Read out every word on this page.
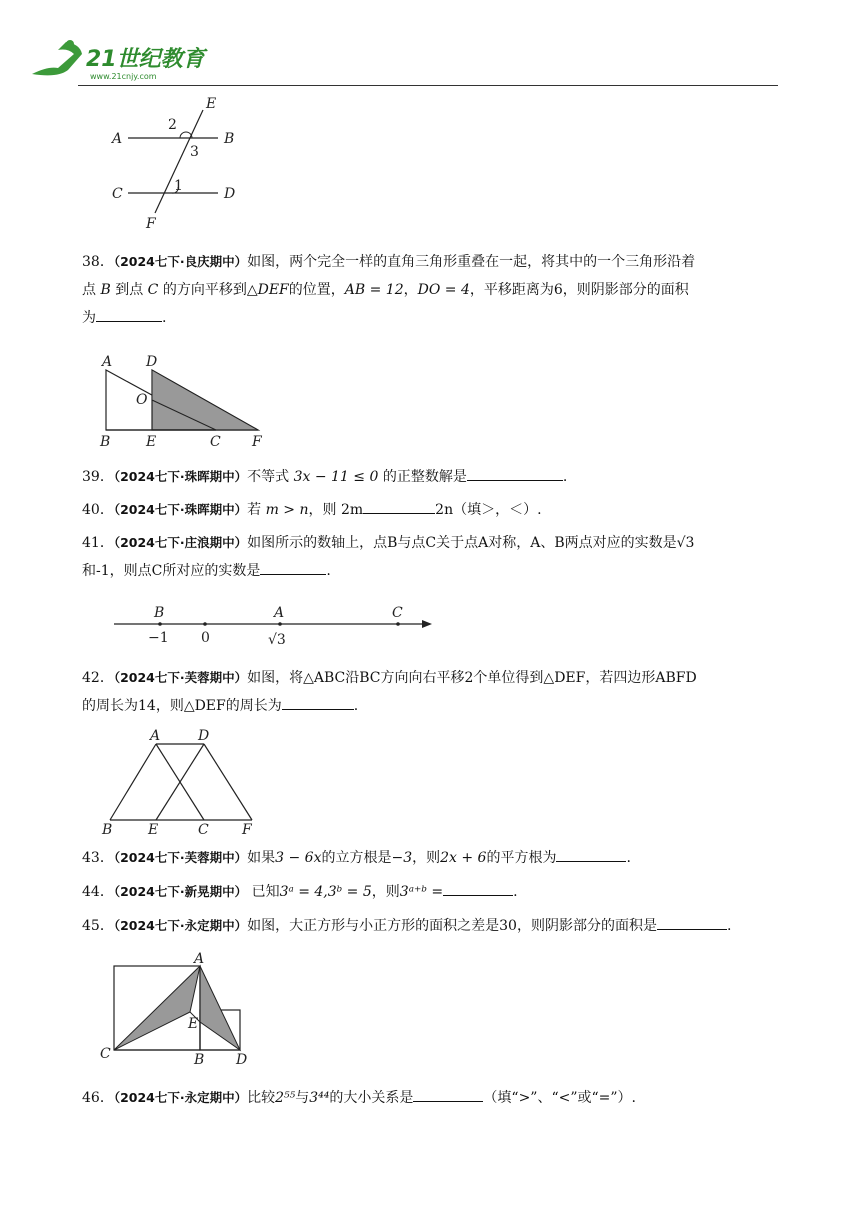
21世纪教育
www.21cnjy.com
E
A
2
B
3
C	1	D
F
38．（2024七下·良庆期中）如图，两个完全一样的直角三角形重叠在一起，将其中的一个三角形沿着
点 B 到点 C 的方向平移到△DEF的位置，AB = 12，DO = 4，平移距离为6，则阴影部分的面积
为	.
A D
O
B	E	C F
39．（2024七下·珠晖期中）不等式 3x − 11 ≤ 0 的正整数解是	.
40．（2024七下·珠晖期中）若 m > n，则 2m	2n（填＞，＜）.
41．（2024七下·庄浪期中）如图所示的数轴上，点B与点C关于点A对称，A、B两点对应的实数是√3
和-1，则点C所对应的实数是	.
B	A	C
−1 0	√3
42．（2024七下·芙蓉期中）如图，将△ABC沿BC方向向右平移2个单位得到△DEF，若四边形ABFD
的周长为14，则△DEF的周长为	.
A	D
B	E	C F
43．（2024七下·芙蓉期中）如果3 − 6x的立方根是−3，则2x + 6的平方根为	.
44．（2024七下·新晃期中） 已知3ᵃ = 4,3ᵇ = 5，则3ᵃ⁺ᵇ =	.
45．（2024七下·永定期中）如图，大正方形与小正方形的面积之差是30，则阴影部分的面积是	.
A
E
C	B D
46．（2024七下·永定期中）比较2⁵⁵与3⁴⁴的大小关系是	（填“>”、“<”或“=”）.
